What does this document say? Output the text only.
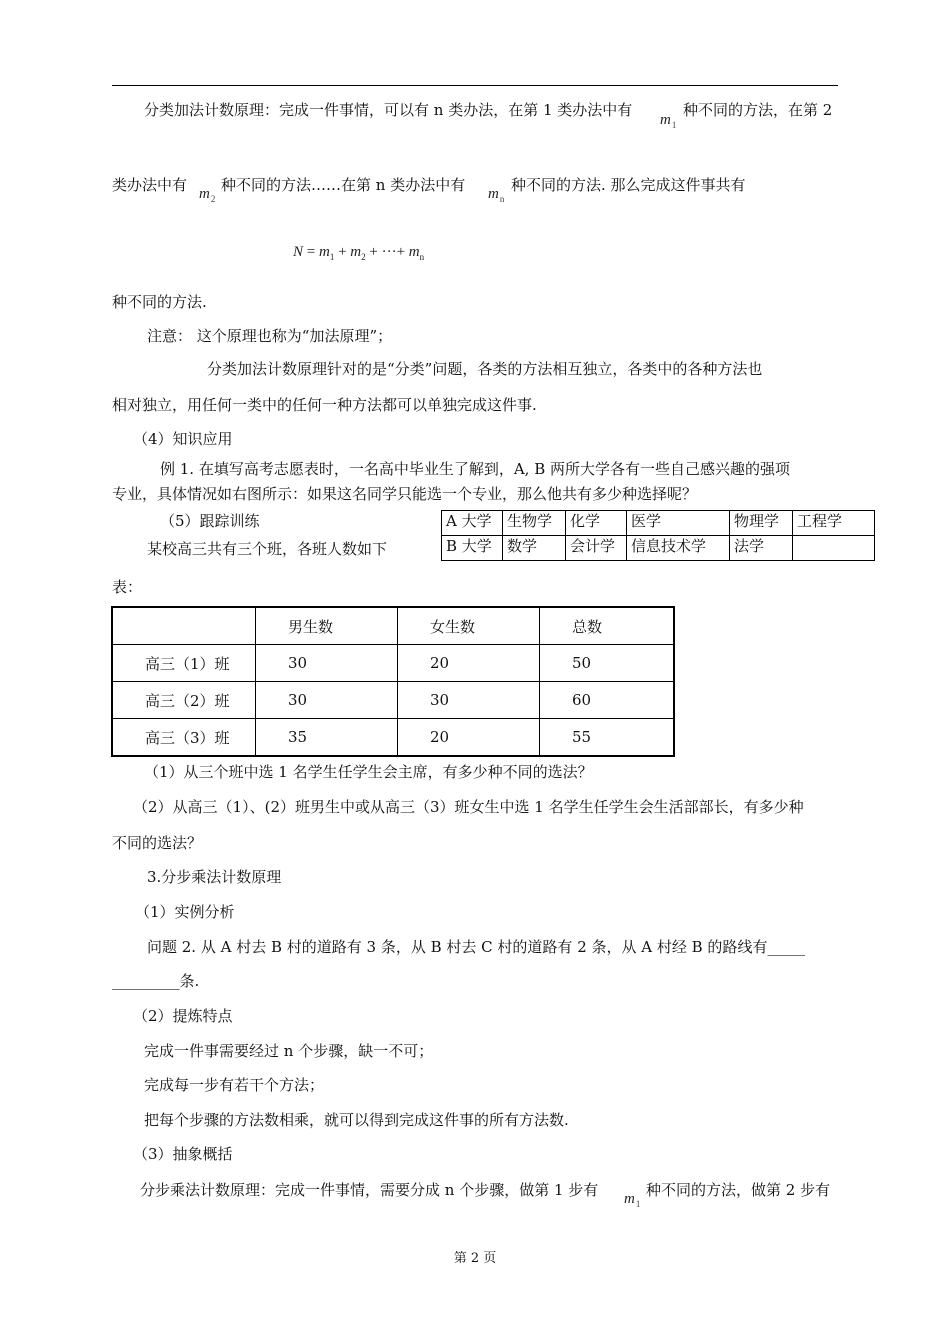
分类加法计数原理：完成一件事情，可以有 n 类办法，在第 1 类办法中有
$m_1$
种不同的方法，在第 2
类办法中有 $m_2$
种不同的方法……在第 n 类办法中有 $m_n$
种不同的方法. 那么完成这件事共有
$N = m_1 + m_2$ + ···+ $m_n$
种不同的方法.
注意： 这个原理也称为“加法原理”；
分类加法计数原理针对的是“分类”问题，各类的方法相互独立，各类中的各种方法也
相对独立，用任何一类中的任何一种方法都可以单独完成这件事.
（4）知识应用
例 1. 在填写高考志愿表时，一名高中毕业生了解到，A, B 两所大学各有一些自己感兴趣的强项
专业，具体情况如右图所示：如果这名同学只能选一个专业，那么他共有多少种选择呢？
（5）跟踪训练
某校高三共有三个班，各班人数如下
表：
A 大学	生物学	化学	医学	物理学	工程学
B 大学	数学	会计学	信息技术学	法学	
	男生数	女生数	总数
高三（1）班	30	20	50
高三（2）班	30	30	60
高三（3）班	35	20	55
（1）从三个班中选 1 名学生任学生会主席，有多少种不同的选法？
（2）从高三（1）、(2）班男生中或从高三（3）班女生中选 1 名学生任学生会生活部部长，有多少种
不同的选法？
3.分步乘法计数原理
（1）实例分析
问题 2. 从 A 村去 B 村的道路有 3 条，从 B 村去 C 村的道路有 2 条，从 A 村经 B 的路线有_____
_________条.
（2）提炼特点
完成一件事需要经过 n 个步骤，缺一不可；
完成每一步有若干个方法；
把每个步骤的方法数相乘，就可以得到完成这件事的所有方法数.
（3）抽象概括
分步乘法计数原理：完成一件事情，需要分成 n 个步骤，做第 1 步有 $m_1$
种不同的方法，做第 2 步有
第 2 页
